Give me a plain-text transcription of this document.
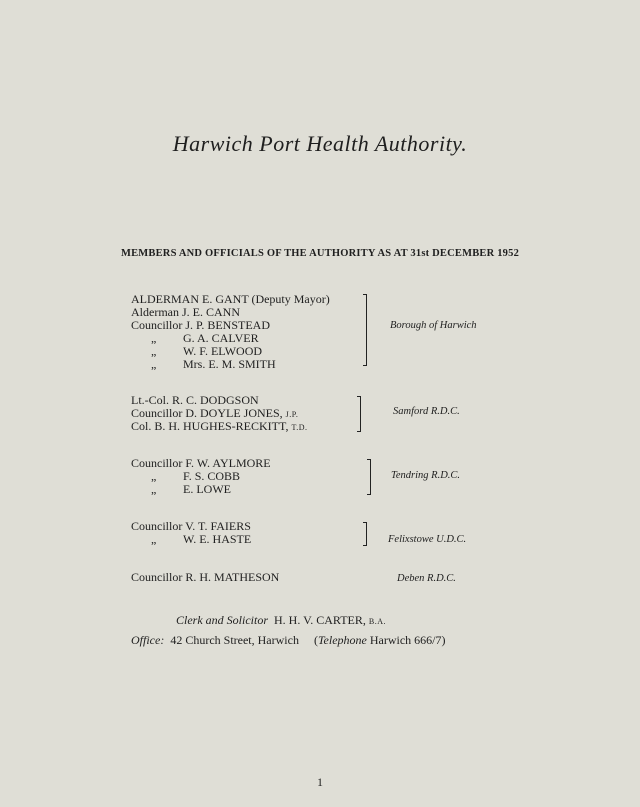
Harwich Port Health Authority.
MEMBERS AND OFFICIALS OF THE AUTHORITY AS AT 31st DECEMBER 1952
ALDERMAN E. GANT (Deputy Mayor)
Alderman J. E. CANN
Councillor J. P. BENSTEAD
„ G. A. CALVER
„ W. F. ELWOOD
„ Mrs. E. M. SMITH
Borough of Harwich
Lt.-Col. R. C. DODGSON
Councillor D. DOYLE JONES, J.P.
Col. B. H. HUGHES-RECKITT, T.D.
Samford R.D.C.
Councillor F. W. AYLMORE
„ F. S. COBB
„ E. LOWE
Tendring R.D.C.
Councillor V. T. FAIERS
„ W. E. HASTE	Felixstowe U.D.C.
Councillor R. H. MATHESON	Deben R.D.C.
Clerk and Solicitor H. H. V. CARTER, B.A.
Office: 42 Church Street, Harwich     (Telephone Harwich 666/7)
1
